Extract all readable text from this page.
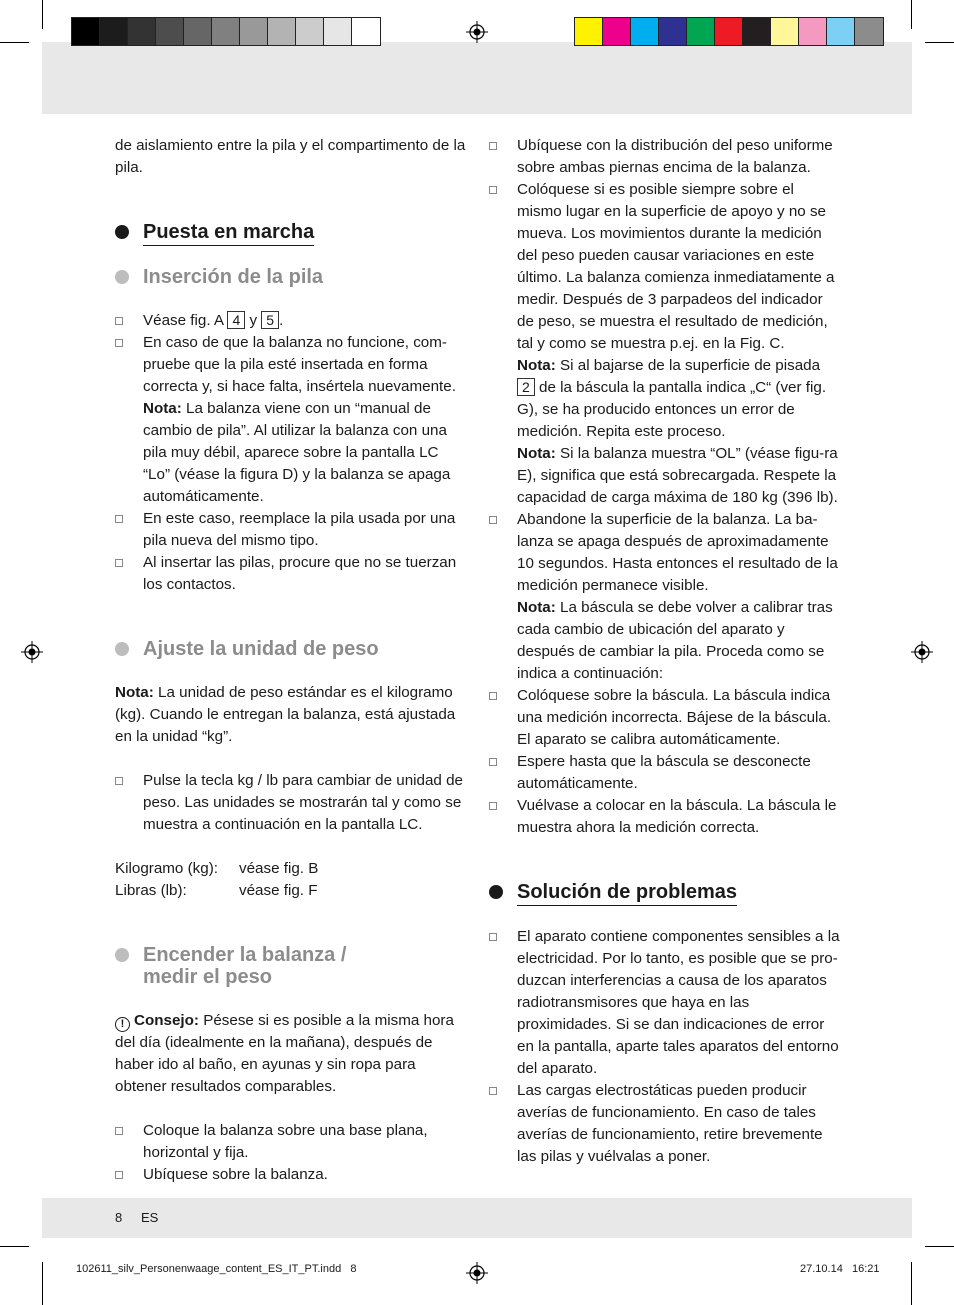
de aislamiento entre la pila y el compartimento de la pila.

Puesta en marcha
Inserción de la pila
Véase fig. A 4 y 5 .
En caso de que la balanza no funcione, com-pruebe que la pila esté insertada en forma correcta y, si hace falta, insértela nuevamente.
Nota: La balanza viene con un “manual de cambio de pila”. Al utilizar la balanza con una pila muy débil, aparece sobre la pantalla LC “Lo” (véase la figura D) y la balanza se apaga automáticamente.
En este caso, reemplace la pila usada por una pila nueva del mismo tipo.
Al insertar las pilas, procure que no se tuerzan los contactos.
Ajuste la unidad de peso

Nota: La unidad de peso estándar es el kilogramo (kg). Cuando le entregan la balanza, está ajustada en la unidad “kg”.

Pulse la tecla kg / lb para cambiar de unidad de peso. Las unidades se mostrarán tal y como se muestra a continuación en la pantalla LC.
Kilogramo (kg):	véase fig. B
Libras (lb):	véase fig. F
Encender la balanza /
medir el peso

! Consejo: Pésese si es posible a la misma hora del día (idealmente en la mañana), después de haber ido al baño, en ayunas y sin ropa para obtener resultados comparables.

Coloque la balanza sobre una base plana, horizontal y fija.
Ubíquese sobre la balanza.
Ubíquese con la distribución del peso uniforme sobre ambas piernas encima de la balanza.
Colóquese si es posible siempre sobre el mismo lugar en la superficie de apoyo y no se mueva. Los movimientos durante la medición del peso pueden causar variaciones en este último. La balanza comienza inmediatamente a medir. Después de 3 parpadeos del indicador de peso, se muestra el resultado de medición, tal y como se muestra p.ej. en la Fig. C.
Nota: Si al bajarse de la superficie de pisada 2 de la báscula la pantalla indica „C“ (ver fig. G), se ha producido entonces un error de medición. Repita este proceso.
Nota: Si la balanza muestra “OL” (véase figu-ra E), significa que está sobrecargada. Respete la capacidad de carga máxima de 180 kg (396 lb).
Abandone la superficie de la balanza. La ba-lanza se apaga después de aproximadamente 10 segundos. Hasta entonces el resultado de la medición permanece visible.
Nota: La báscula se debe volver a calibrar tras cada cambio de ubicación del aparato y después de cambiar la pila. Proceda como se indica a continuación:
Colóquese sobre la báscula. La báscula indica una medición incorrecta. Bájese de la báscula. El aparato se calibra automáticamente.
Espere hasta que la báscula se desconecte automáticamente.
Vuélvase a colocar en la báscula. La báscula le muestra ahora la medición correcta.
Solución de problemas
El aparato contiene componentes sensibles a la electricidad. Por lo tanto, es posible que se pro-duzcan interferencias a causa de los aparatos radiotransmisores que haya en las proximidades. Si se dan indicaciones de error en la pantalla, aparte tales aparatos del entorno del aparato.
Las cargas electrostáticas pueden producir averías de funcionamiento. En caso de tales averías de funcionamiento, retire brevemente las pilas y vuélvalas a poner.
8 ES
102611_silv_Personenwaage_content_ES_IT_PT.indd 8	27.10.14 16:21
